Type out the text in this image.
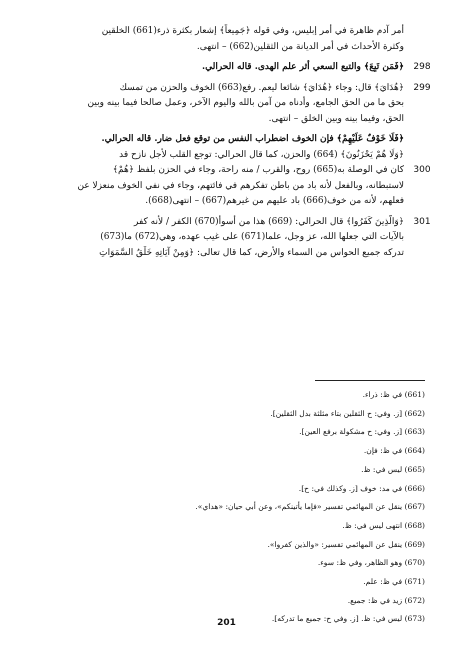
أمر آدم ظاهرة في أمر إبليس، وفي قوله ﴿جَمِيعاً﴾ إشعار بكثرة ذرء(661) الخلقين
وكثرة الأحداث في أمر الديانة من الثقلين(662) – انتهى.
298
﴿فَمَن تَبِعَ﴾ والتبع السعي أثر علم الهدى. قاله الحرالي.
299
﴿هُدَايَ﴾ قال: وجاء ﴿هُدَايَ﴾ شائعا ليعم. رفع(663) الخوف والحزن من تمسك
بحق ما من الحق الجامع، وأدناه من آمن بالله واليوم الآخر، وعمل صالحا فيما بينه وبين
الحق، وفيما بينه وبين الخلق – انتهى.
300
﴿فَلَا خَوْفٌ عَلَيْهِمْ﴾ فإن الخوف اضطراب النفس من توقع فعل ضار. قاله الحرالي.
﴿وَلَا هُمْ يَحْزَنُونَ﴾ (664) والحزن، كما قال الحرالي: توجع القلب لأجل نازح قد
كان في الوصلة به(665) روح، والقرب / منه راحة، وجاء في الحزن بلفظ ﴿هُمْ﴾
لاستبطانه، وبالفعل لأنه باد من باطن تفكرهم في فائتهم، وجاء في نفي الخوف منعزلا عن
فعلهم، لأنه من خوف(666) باد عليهم من غيرهم(667) – انتهى(668).
301
﴿وَالَّذِينَ كَفَرُوا﴾ قال الحرالي: (669) هذا من أسوأ(670) الكفر / لأنه كفر
بالآيات التي جعلها الله، عز وجل، علما(671) على غيب عهده، وهي(672) ما(673)
تدركه جميع الحواس من السماء والأرض، كما قال تعالى: ﴿وَمِنْ آيَاتِهِ خَلْقُ السَّمَوَاتِ
(661) في ظ: ذراء.
(662) [ز. وفي: ح الثقلين بتاء مثلثة بدل الثقلين].
(663) [ز. وفي: ح مشكولة برفع العين].
(664) في ظ: فإن.
(665) ليس في: ظ.
(666) في مد: خوف [ز. وكذلك في: ح].
(667) ينقل عن المهائمي تفسير «فإما يأتينكم»، وعن أبي حيان: «هداي».
(668) انتهى ليس في: ظ.
(669) ينقل عن المهائمي تفسير: «والذين كفروا».
(670) وهو الظاهر، وفي ظ: سوء.
(671) في ظ: علم.
(672) زيد في ظ: جميع.
(673) ليس في: ظ. [ز. وفي ح: جميع ما تدركه].
201
